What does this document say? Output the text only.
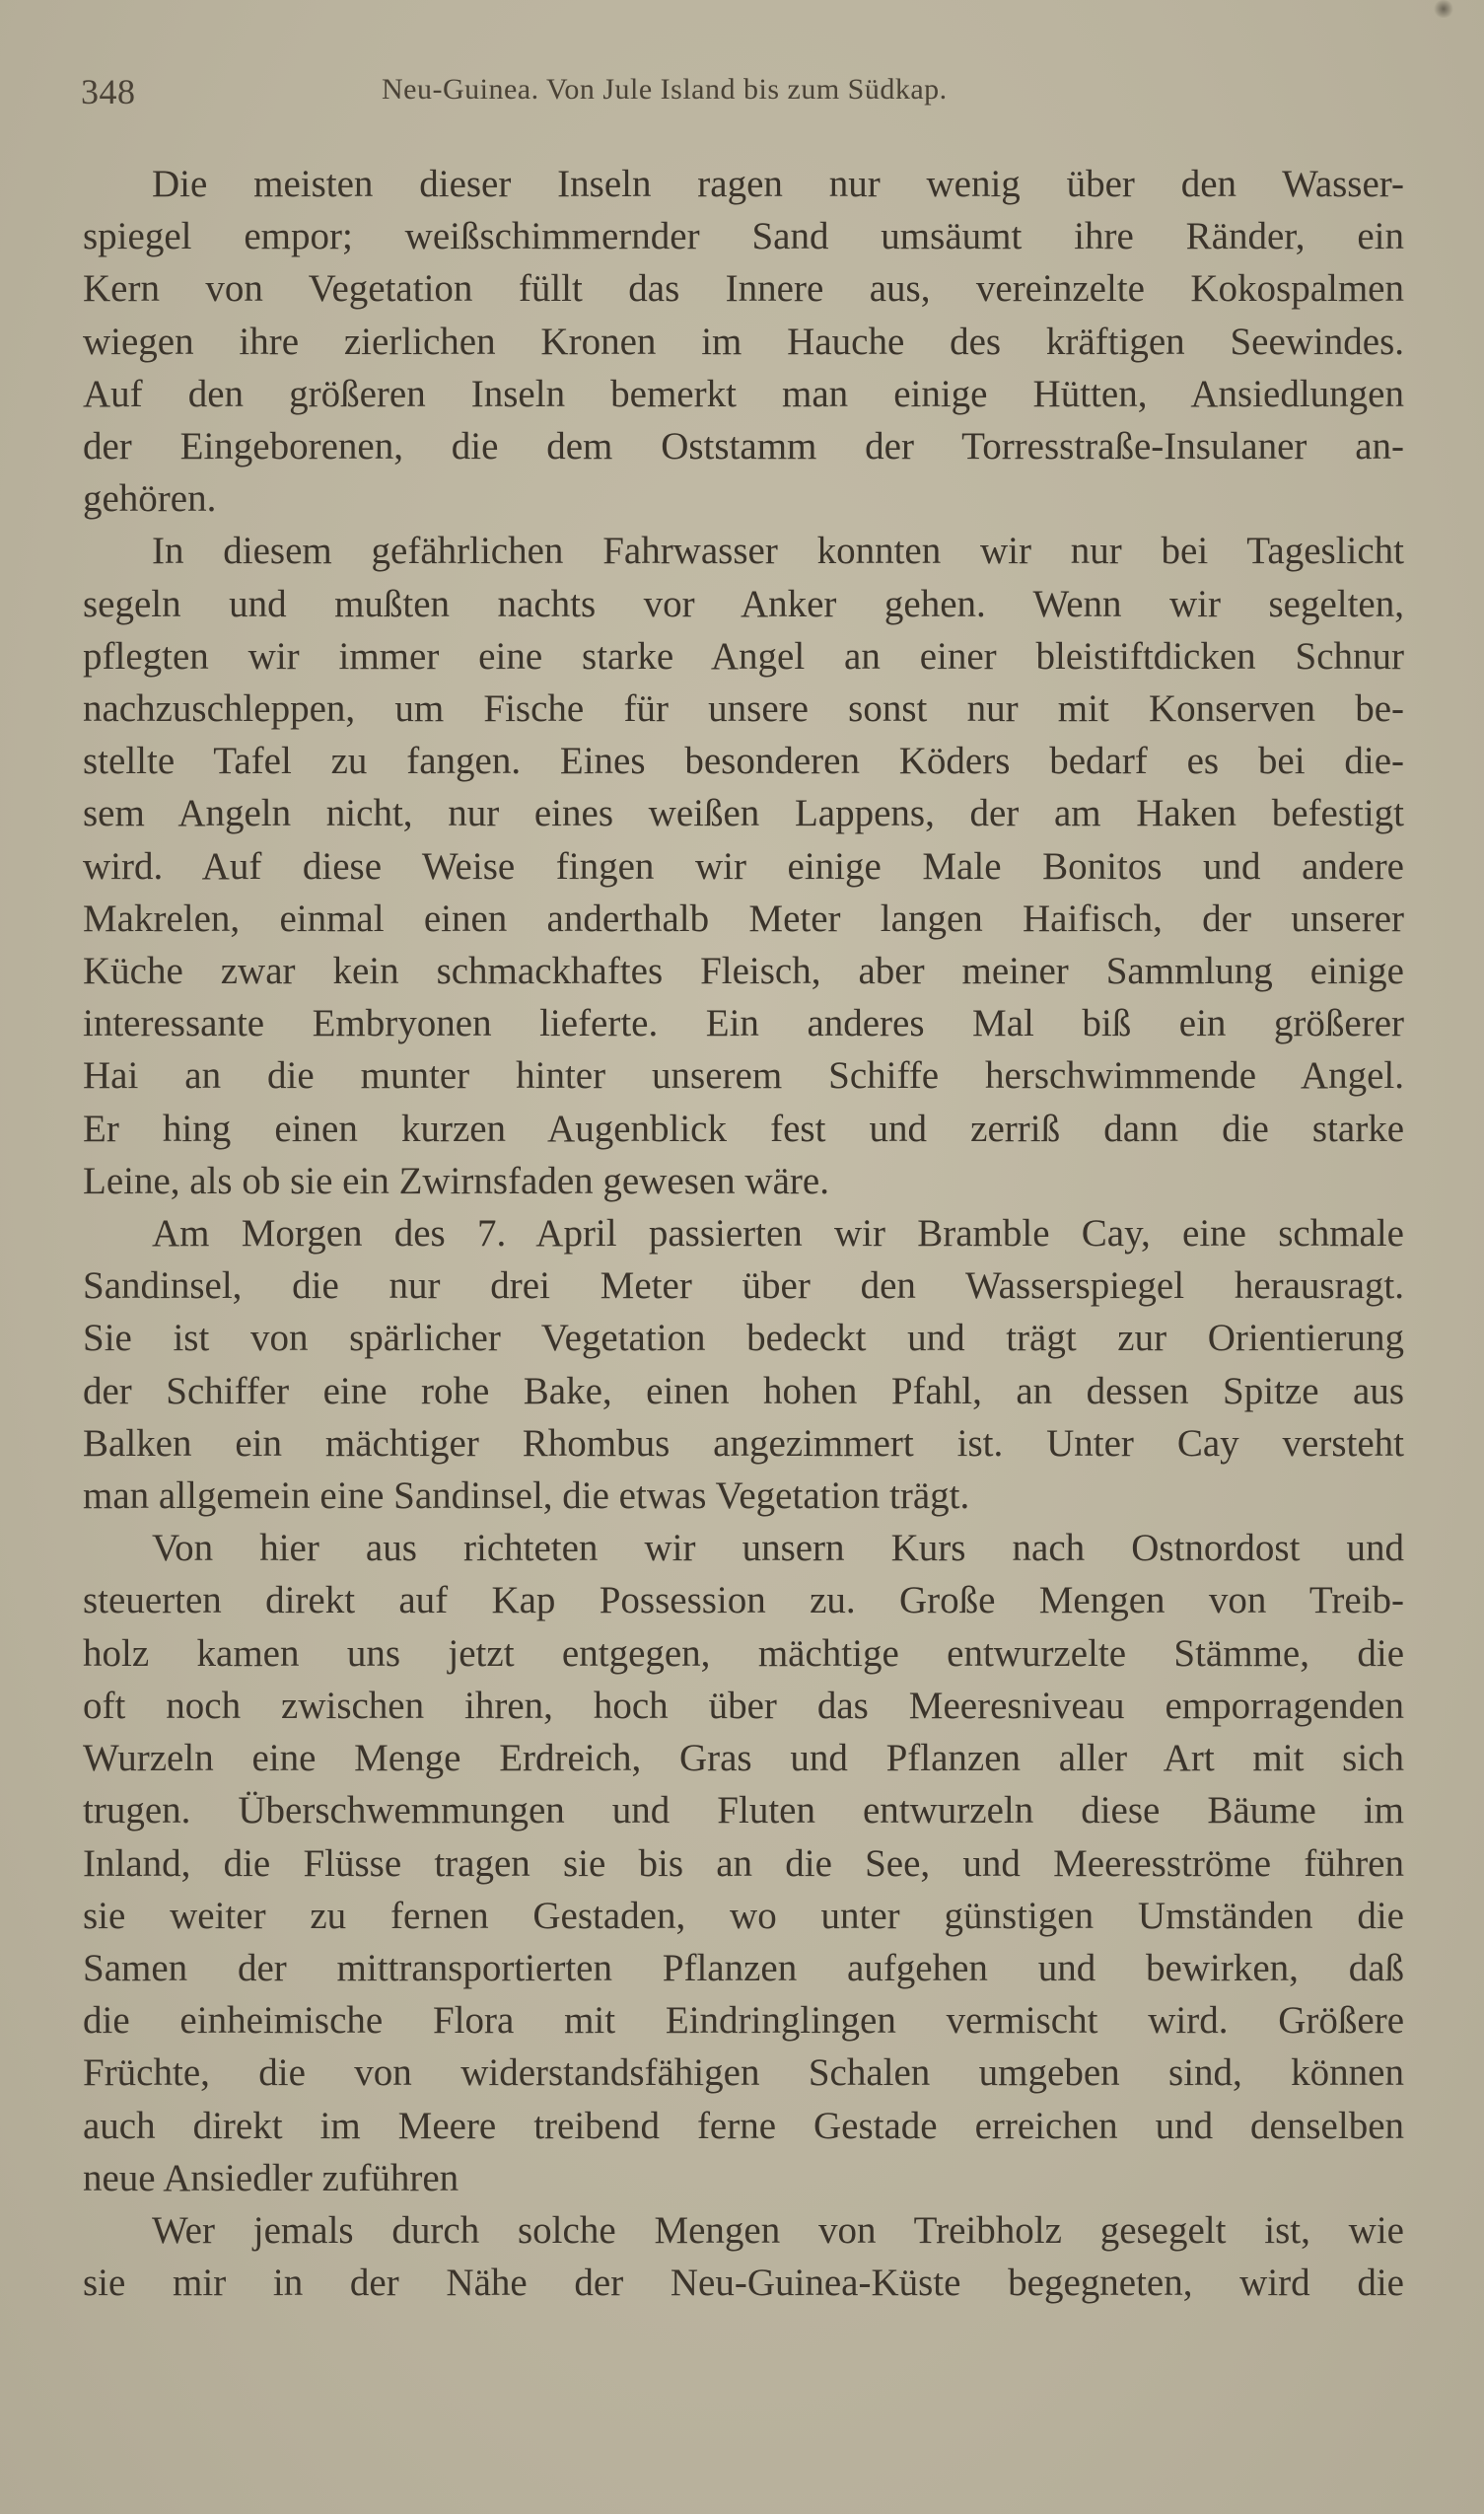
348	Neu-Guinea. Von Jule Island bis zum Südkap.
Die meisten dieser Inseln ragen nur wenig über den Wasser-
spiegel empor; weißschimmernder Sand umsäumt ihre Ränder, ein
Kern von Vegetation füllt das Innere aus, vereinzelte Kokospalmen
wiegen ihre zierlichen Kronen im Hauche des kräftigen Seewindes.
Auf den größeren Inseln bemerkt man einige Hütten, Ansiedlungen
der Eingeborenen, die dem Oststamm der Torresstraße-Insulaner an-
gehören.
In diesem gefährlichen Fahrwasser konnten wir nur bei Tageslicht
segeln und mußten nachts vor Anker gehen. Wenn wir segelten,
pflegten wir immer eine starke Angel an einer bleistiftdicken Schnur
nachzuschleppen, um Fische für unsere sonst nur mit Konserven be-
stellte Tafel zu fangen. Eines besonderen Köders bedarf es bei die-
sem Angeln nicht, nur eines weißen Lappens, der am Haken befestigt
wird. Auf diese Weise fingen wir einige Male Bonitos und andere
Makrelen, einmal einen anderthalb Meter langen Haifisch, der unserer
Küche zwar kein schmackhaftes Fleisch, aber meiner Sammlung einige
interessante Embryonen lieferte. Ein anderes Mal biß ein größerer
Hai an die munter hinter unserem Schiffe herschwimmende Angel.
Er hing einen kurzen Augenblick fest und zerriß dann die starke
Leine, als ob sie ein Zwirnsfaden gewesen wäre.
Am Morgen des 7. April passierten wir Bramble Cay, eine schmale
Sandinsel, die nur drei Meter über den Wasserspiegel herausragt.
Sie ist von spärlicher Vegetation bedeckt und trägt zur Orientierung
der Schiffer eine rohe Bake, einen hohen Pfahl, an dessen Spitze aus
Balken ein mächtiger Rhombus angezimmert ist. Unter Cay versteht
man allgemein eine Sandinsel, die etwas Vegetation trägt.
Von hier aus richteten wir unsern Kurs nach Ostnordost und
steuerten direkt auf Kap Possession zu. Große Mengen von Treib-
holz kamen uns jetzt entgegen, mächtige entwurzelte Stämme, die
oft noch zwischen ihren, hoch über das Meeresniveau emporragenden
Wurzeln eine Menge Erdreich, Gras und Pflanzen aller Art mit sich
trugen. Überschwemmungen und Fluten entwurzeln diese Bäume im
Inland, die Flüsse tragen sie bis an die See, und Meeresströme führen
sie weiter zu fernen Gestaden, wo unter günstigen Umständen die
Samen der mittransportierten Pflanzen aufgehen und bewirken, daß
die einheimische Flora mit Eindringlingen vermischt wird. Größere
Früchte, die von widerstandsfähigen Schalen umgeben sind, können
auch direkt im Meere treibend ferne Gestade erreichen und denselben
neue Ansiedler zuführen
Wer jemals durch solche Mengen von Treibholz gesegelt ist, wie
sie mir in der Nähe der Neu-Guinea-Küste begegneten, wird die
